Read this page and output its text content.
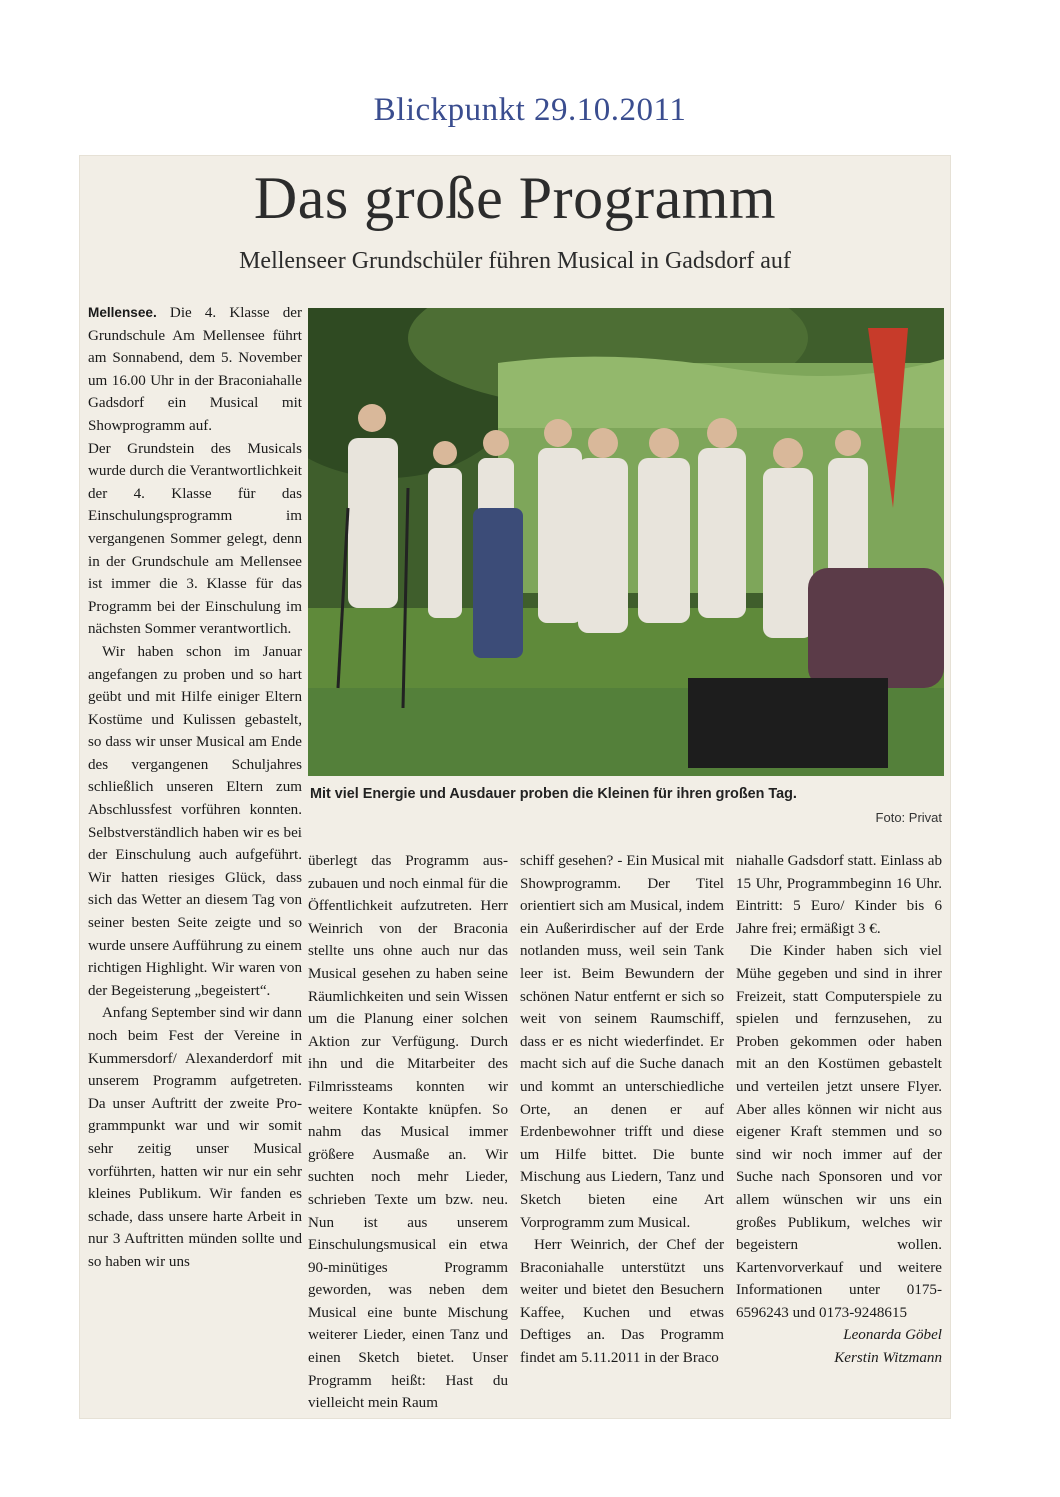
Blickpunkt 29.10.2011
Das große Programm
Mellenseer Grundschüler führen Musical in Gadsdorf auf

Mellensee. Die 4. Klasse der Grundschule Am Mellensee führt am Sonnabend, dem 5. November um 16.00 Uhr in der Braconiahalle Gadsdorf ein Musical mit Showprogramm auf.

Der Grundstein des Musicals wurde durch die Verantwortlichkeit der 4. Klasse für das Einschulungsprogramm im vergangenen Sommer gelegt, denn in der Grundschule am Mellensee ist immer die 3. Klasse für das Programm bei der Einschulung im nächsten Sommer verantwortlich.

Wir haben schon im Januar angefangen zu proben und so hart geübt und mit Hilfe einiger Eltern Kostüme und Kulissen gebastelt, so dass wir unser Musical am Ende des vergangenen Schuljahres schließlich unseren Eltern zum Abschlussfest vorführen konnten. Selbstverständlich haben wir es bei der Einschulung auch aufgeführt. Wir hatten riesiges Glück, dass sich das Wetter an diesem Tag von seiner besten Seite zeigte und so wurde unsere Aufführung zu einem richtigen Highlight. Wir waren von der Begeisterung „begeistert“.

Anfang September sind wir dann noch beim Fest der Vereine in Kummersdorf/ Alexanderdorf mit unserem Programm aufgetreten. Da unser Auftritt der zweite Programmpunkt war und wir somit sehr zeitig unser Musical vorführten, hatten wir nur ein sehr kleines Publikum. Wir fanden es schade, dass unsere harte Arbeit in nur 3 Auftritten münden sollte und so haben wir uns

Mit viel Energie und Ausdauer proben die Kleinen für ihren großen Tag.
Foto: Privat

überlegt das Programm auszubauen und noch einmal für die Öffentlichkeit aufzutreten. Herr Weinrich von der Braconia stellte uns ohne auch nur das Musical gesehen zu haben seine Räumlichkeiten und sein Wissen um die Planung einer solchen Aktion zur Verfügung. Durch ihn und die Mitarbeiter des Filmrissteams konnten wir weitere Kontakte knüpfen. So nahm das Musical immer größere Ausmaße an. Wir suchten noch mehr Lieder, schrieben Texte um bzw. neu. Nun ist aus unserem Einschulungsmusical ein etwa 90-minütiges Programm geworden, was neben dem Musical eine bunte Mischung weiterer Lieder, einen Tanz und einen Sketch bietet. Unser Programm heißt: Hast du vielleicht mein Raum

schiff gesehen? - Ein Musical mit Showprogramm. Der Titel orientiert sich am Musical, indem ein Außerirdischer auf der Erde notlanden muss, weil sein Tank leer ist. Beim Bewundern der schönen Natur entfernt er sich so weit von seinem Raumschiff, dass er es nicht wiederfindet. Er macht sich auf die Suche danach und kommt an unterschiedliche Orte, an denen er auf Erdenbewohner trifft und diese um Hilfe bittet. Die bunte Mischung aus Liedern, Tanz und Sketch bieten eine Art Vorprogramm zum Musical.

Herr Weinrich, der Chef der Braconiahalle unterstützt uns weiter und bietet den Besuchern Kaffee, Kuchen und etwas Deftiges an. Das Programm findet am 5.11.2011 in der Braco

niahalle Gadsdorf statt. Einlass ab 15 Uhr, Programmbeginn 16 Uhr. Eintritt: 5 Euro/ Kinder bis 6 Jahre frei; ermäßigt 3 €.

Die Kinder haben sich viel Mühe gegeben und sind in ihrer Freizeit, statt Computerspiele zu spielen und fernzusehen, zu Proben gekommen oder haben mit an den Kostümen gebastelt und verteilen jetzt unsere Flyer. Aber alles können wir nicht aus eigener Kraft stemmen und so sind wir noch immer auf der Suche nach Sponsoren und vor allem wünschen wir uns ein großes Publikum, welches wir begeistern wollen. Kartenvorverkauf und weitere Informationen unter 0175-6596243 und 0173-9248615

Leonarda Göbel
Kerstin Witzmann
